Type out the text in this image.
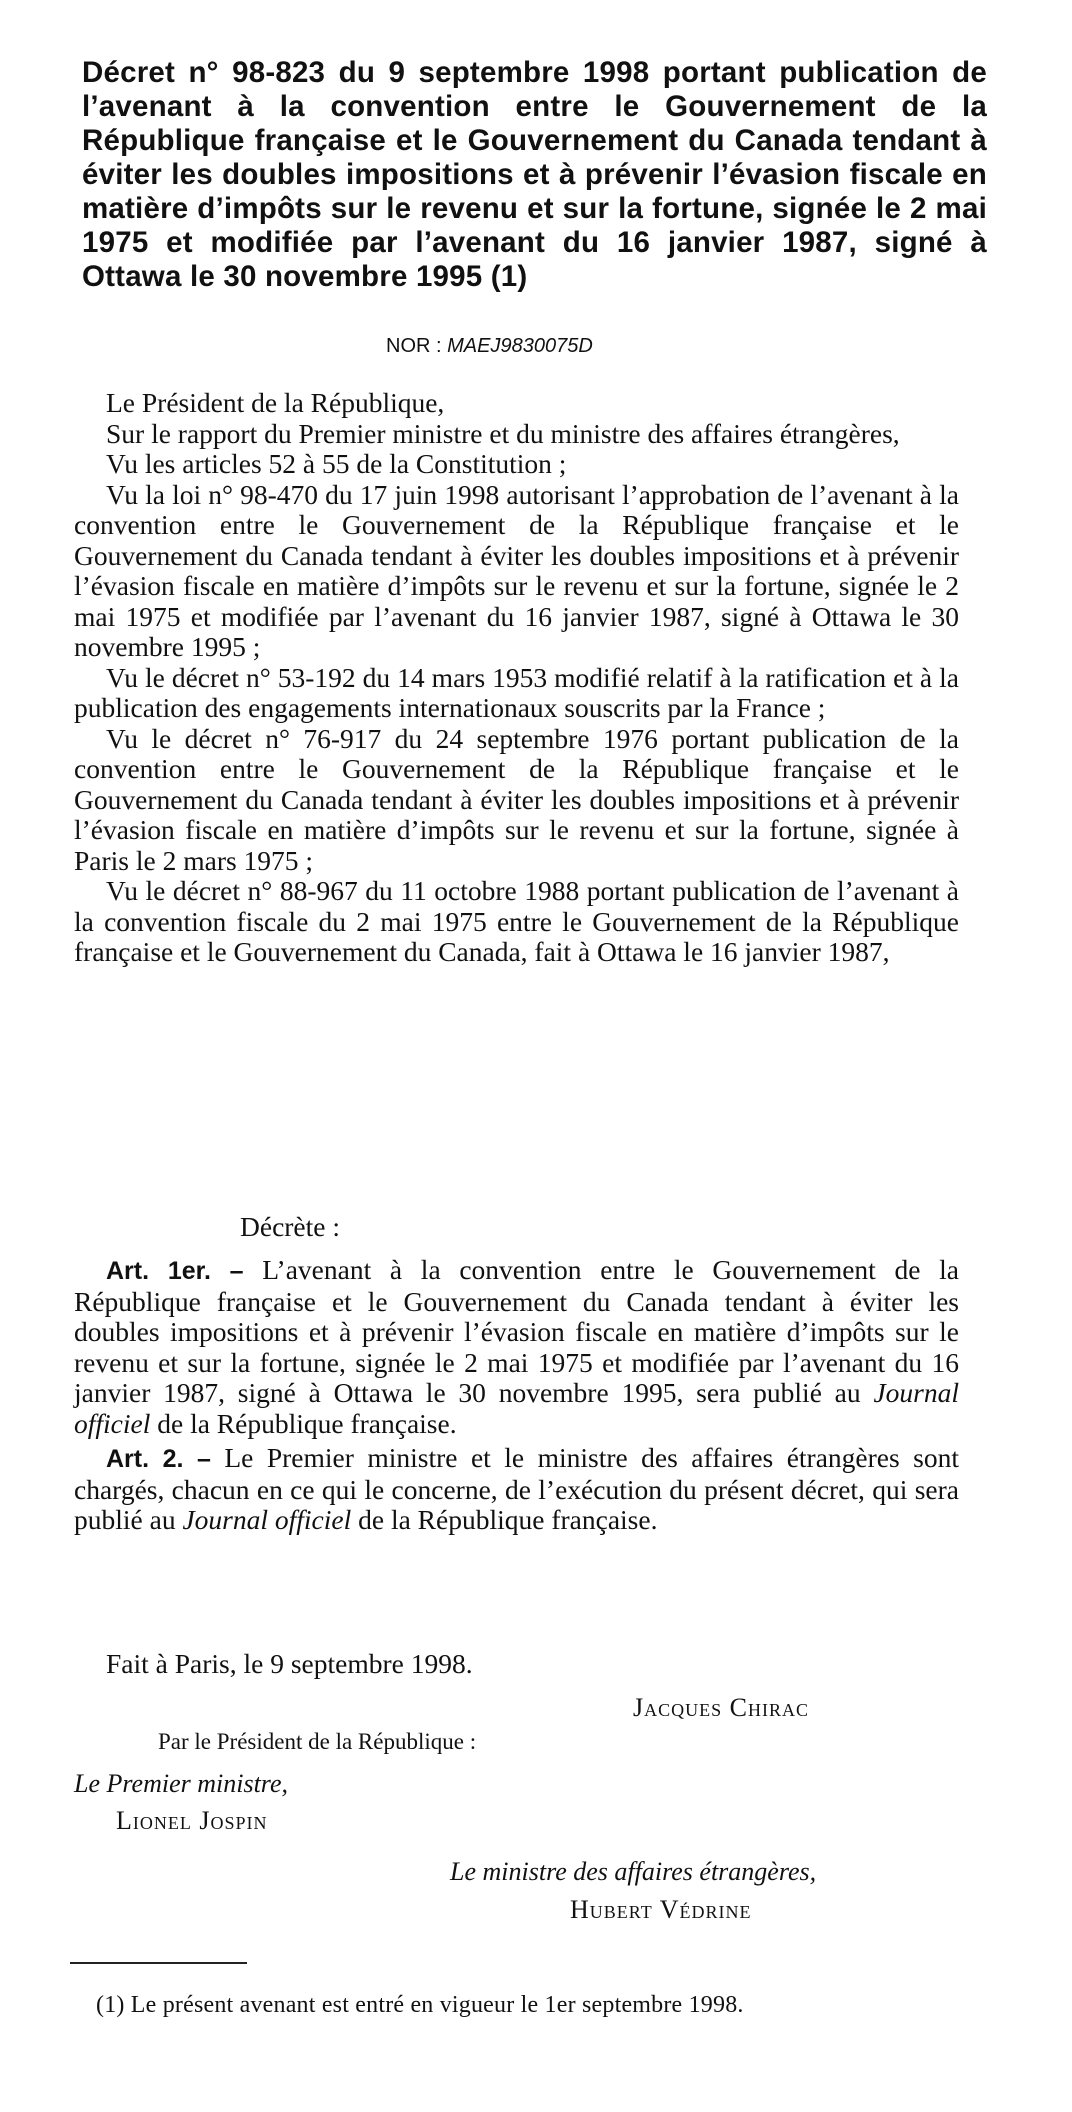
Décret n° 98-823 du 9 septembre 1998 portant publication de l’avenant à la convention entre le Gouvernement de la République française et le Gouvernement du Canada tendant à éviter les doubles impositions et à prévenir l’évasion fiscale en matière d’impôts sur le revenu et sur la fortune, signée le 2 mai 1975 et modifiée par l’avenant du 16 janvier 1987, signé à Ottawa le 30 novembre 1995 (1)
NOR : MAEJ9830075D

Le Président de la République,

Sur le rapport du Premier ministre et du ministre des affaires étrangères,

Vu les articles 52 à 55 de la Constitution ;

Vu la loi n° 98-470 du 17 juin 1998 autorisant l’approbation de l’avenant à la convention entre le Gouvernement de la République française et le Gouvernement du Canada tendant à éviter les doubles impositions et à prévenir l’évasion fiscale en matière d’impôts sur le revenu et sur la fortune, signée le 2 mai 1975 et modifiée par l’avenant du 16 janvier 1987, signé à Ottawa le 30 novembre 1995 ;

Vu le décret n° 53-192 du 14 mars 1953 modifié relatif à la ratification et à la publication des engagements internationaux souscrits par la France ;

Vu le décret n° 76-917 du 24 septembre 1976 portant publication de la convention entre le Gouvernement de la République française et le Gouvernement du Canada tendant à éviter les doubles impositions et à prévenir l’évasion fiscale en matière d’impôts sur le revenu et sur la fortune, signée à Paris le 2 mars 1975 ;

Vu le décret n° 88-967 du 11 octobre 1988 portant publication de l’avenant à la convention fiscale du 2 mai 1975 entre le Gouvernement de la République française et le Gouvernement du Canada, fait à Ottawa le 16 janvier 1987,

Décrète :

Art. 1er. – L’avenant à la convention entre le Gouvernement de la République française et le Gouvernement du Canada tendant à éviter les doubles impositions et à prévenir l’évasion fiscale en matière d’impôts sur le revenu et sur la fortune, signée le 2 mai 1975 et modifiée par l’avenant du 16 janvier 1987, signé à Ottawa le 30 novembre 1995, sera publié au Journal officiel de la République française.

Art. 2. – Le Premier ministre et le ministre des affaires étrangères sont chargés, chacun en ce qui le concerne, de l’exécution du présent décret, qui sera publié au Journal officiel de la République française.

Fait à Paris, le 9 septembre 1998.
Jacques Chirac
Par le Président de la République :
Le Premier ministre,
Lionel Jospin
Le ministre des affaires étrangères,
Hubert Védrine
(1) Le présent avenant est entré en vigueur le 1er septembre 1998.
